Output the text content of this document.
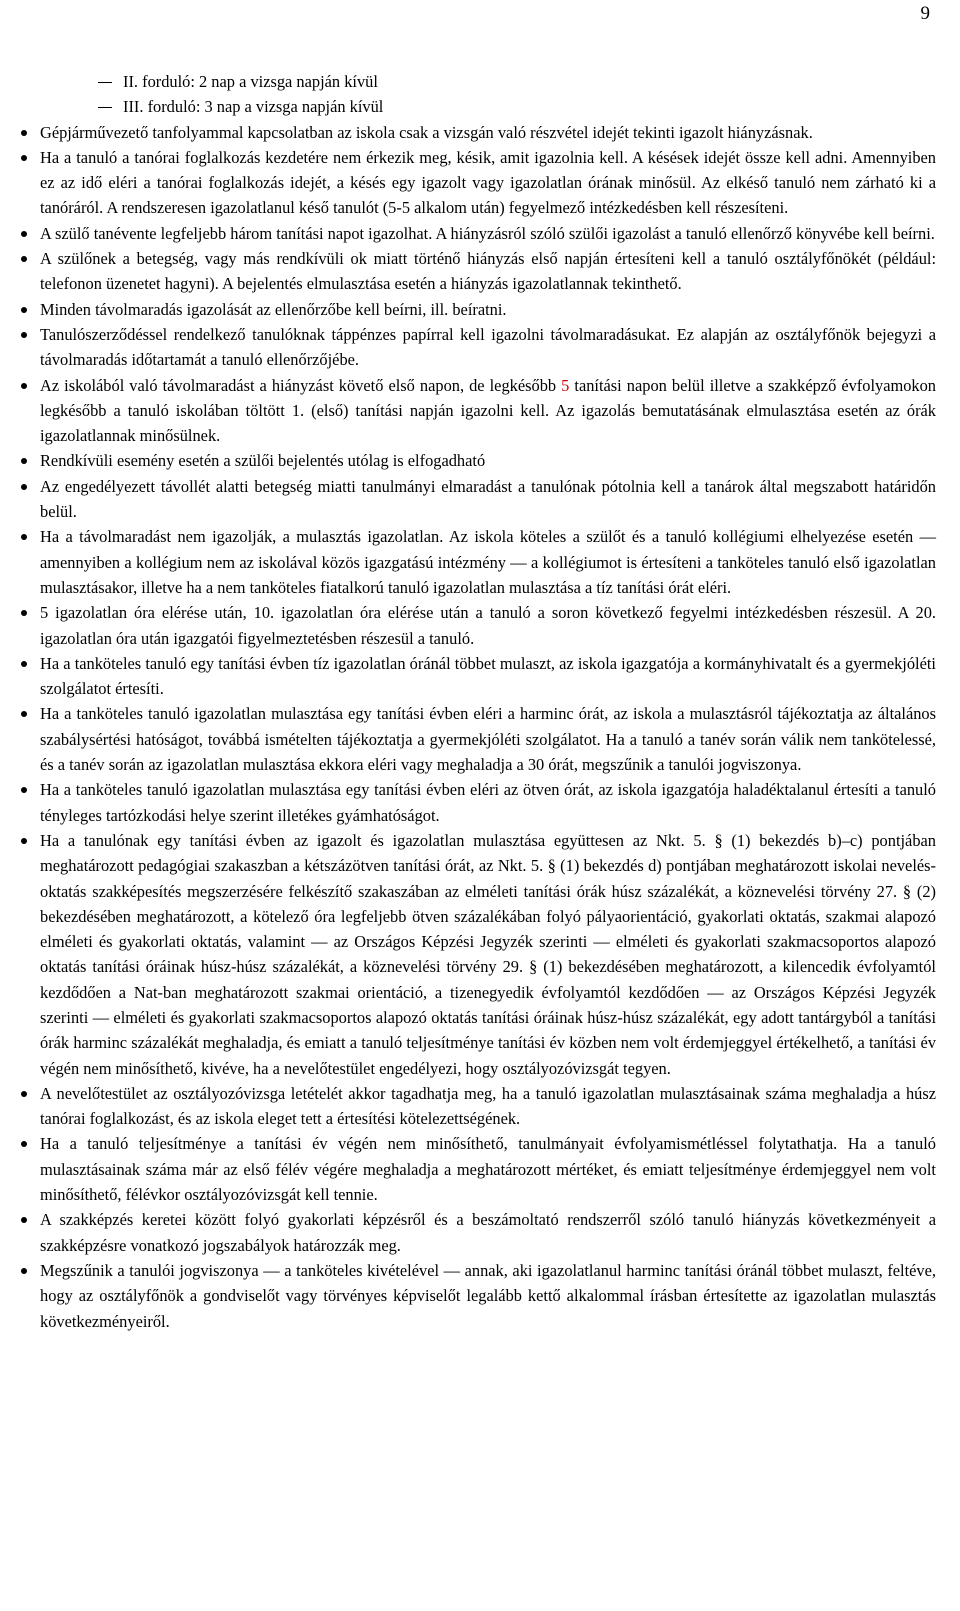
9
II. forduló: 2 nap a vizsga napján kívül
III. forduló: 3 nap a vizsga napján kívül
Gépjárművezető tanfolyammal kapcsolatban az iskola csak a vizsgán való részvétel idejét tekinti igazolt hiányzásnak.
Ha a tanuló a tanórai foglalkozás kezdetére nem érkezik meg, késik, amit igazolnia kell. A késések idejét össze kell adni. Amennyiben ez az idő eléri a tanórai foglalkozás idejét, a késés egy igazolt vagy igazolatlan órának minősül. Az elkéső tanuló nem zárható ki a tanóráról. A rendszeresen igazolatlanul késő tanulót (5-5 alkalom után) fegyelmező intézkedésben kell részesíteni.
A szülő tanévente legfeljebb három tanítási napot igazolhat. A hiányzásról szóló szülői igazolást a tanuló ellenőrző könyvébe kell beírni.
A szülőnek a betegség, vagy más rendkívüli ok miatt történő hiányzás első napján értesíteni kell a tanuló osztályfőnökét (például: telefonon üzenetet hagyni). A bejelentés elmulasztása esetén a hiányzás igazolatlannak tekinthető.
Minden távolmaradás igazolását az ellenőrzőbe kell beírni, ill. beíratni.
Tanulószerződéssel rendelkező tanulóknak táppénzes papírral kell igazolni távolmaradásukat. Ez alapján az osztályfőnök bejegyzi a távolmaradás időtartamát a tanuló ellenőrzőjébe.
Az iskolából való távolmaradást a hiányzást követő első napon, de legkésőbb 5 tanítási napon belül illetve a szakképző évfolyamokon legkésőbb a tanuló iskolában töltött 1. (első) tanítási napján igazolni kell. Az igazolás bemutatásának elmulasztása esetén az órák igazolatlannak minősülnek.
Rendkívüli esemény esetén a szülői bejelentés utólag is elfogadható
Az engedélyezett távollét alatti betegség miatti tanulmányi elmaradást a tanulónak pótolnia kell a tanárok által megszabott határidőn belül.
Ha a távolmaradást nem igazolják, a mulasztás igazolatlan. Az iskola köteles a szülőt és a tanuló kollégiumi elhelyezése esetén — amennyiben a kollégium nem az iskolával közös igazgatású intézmény — a kollégiumot is értesíteni a tanköteles tanuló első igazolatlan mulasztásakor, illetve ha a nem tanköteles fiatalkorú tanuló igazolatlan mulasztása a tíz tanítási órát eléri.
5 igazolatlan óra elérése után, 10. igazolatlan óra elérése után a tanuló a soron következő fegyelmi intézkedésben részesül. A 20. igazolatlan óra után igazgatói figyelmeztetésben részesül a tanuló.
Ha a tanköteles tanuló egy tanítási évben tíz igazolatlan óránál többet mulaszt, az iskola igazgatója a kormányhivatalt és a gyermekjóléti szolgálatot értesíti.
Ha a tanköteles tanuló igazolatlan mulasztása egy tanítási évben eléri a harminc órát, az iskola a mulasztásról tájékoztatja az általános szabálysértési hatóságot, továbbá ismételten tájékoztatja a gyermekjóléti szolgálatot. Ha a tanuló a tanév során válik nem tankötelessé, és a tanév során az igazolatlan mulasztása ekkora eléri vagy meghaladja a 30 órát, megszűnik a tanulói jogviszonya.
Ha a tanköteles tanuló igazolatlan mulasztása egy tanítási évben eléri az ötven órát, az iskola igazgatója haladéktalanul értesíti a tanuló tényleges tartózkodási helye szerint illetékes gyámhatóságot.
Ha a tanulónak egy tanítási évben az igazolt és igazolatlan mulasztása együttesen az Nkt. 5. § (1) bekezdés b)–c) pontjában meghatározott pedagógiai szakaszban a kétszázötven tanítási órát, az Nkt. 5. § (1) bekezdés d) pontjában meghatározott iskolai nevelés-oktatás szakképesítés megszerzésére felkészítő szakaszában az elméleti tanítási órák húsz százalékát, a köznevelési törvény 27. § (2) bekezdésében meghatározott, a kötelező óra legfeljebb ötven százalékában folyó pályaorientáció, gyakorlati oktatás, szakmai alapozó elméleti és gyakorlati oktatás, valamint — az Országos Képzési Jegyzék szerinti — elméleti és gyakorlati szakmacsoportos alapozó oktatás tanítási óráinak húsz-húsz százalékát, a köznevelési törvény 29. § (1) bekezdésében meghatározott, a kilencedik évfolyamtól kezdődően a Nat-ban meghatározott szakmai orientáció, a tizenegyedik évfolyamtól kezdődően — az Országos Képzési Jegyzék szerinti — elméleti és gyakorlati szakmacsoportos alapozó oktatás tanítási óráinak húsz-húsz százalékát, egy adott tantárgyból a tanítási órák harminc százalékát meghaladja, és emiatt a tanuló teljesítménye tanítási év közben nem volt érdemjeggyel értékelhető, a tanítási év végén nem minősíthető, kivéve, ha a nevelőtestület engedélyezi, hogy osztályozóvizsgát tegyen.
A nevelőtestület az osztályozóvizsga letételét akkor tagadhatja meg, ha a tanuló igazolatlan mulasztásainak száma meghaladja a húsz tanórai foglalkozást, és az iskola eleget tett a értesítési kötelezettségének.
Ha a tanuló teljesítménye a tanítási év végén nem minősíthető, tanulmányait évfolyamismétléssel folytathatja. Ha a tanuló mulasztásainak száma már az első félév végére meghaladja a meghatározott mértéket, és emiatt teljesítménye érdemjeggyel nem volt minősíthető, félévkor osztályozóvizsgát kell tennie.
A szakképzés keretei között folyó gyakorlati képzésről és a beszámoltató rendszerről szóló tanuló hiányzás következményeit a szakképzésre vonatkozó jogszabályok határozzák meg.
Megszűnik a tanulói jogviszonya — a tanköteles kivételével — annak, aki igazolatlanul harminc tanítási óránál többet mulaszt, feltéve, hogy az osztályfőnök a gondviselőt vagy törvényes képviselőt legalább kettő alkalommal írásban értesítette az igazolatlan mulasztás következményeiről.
